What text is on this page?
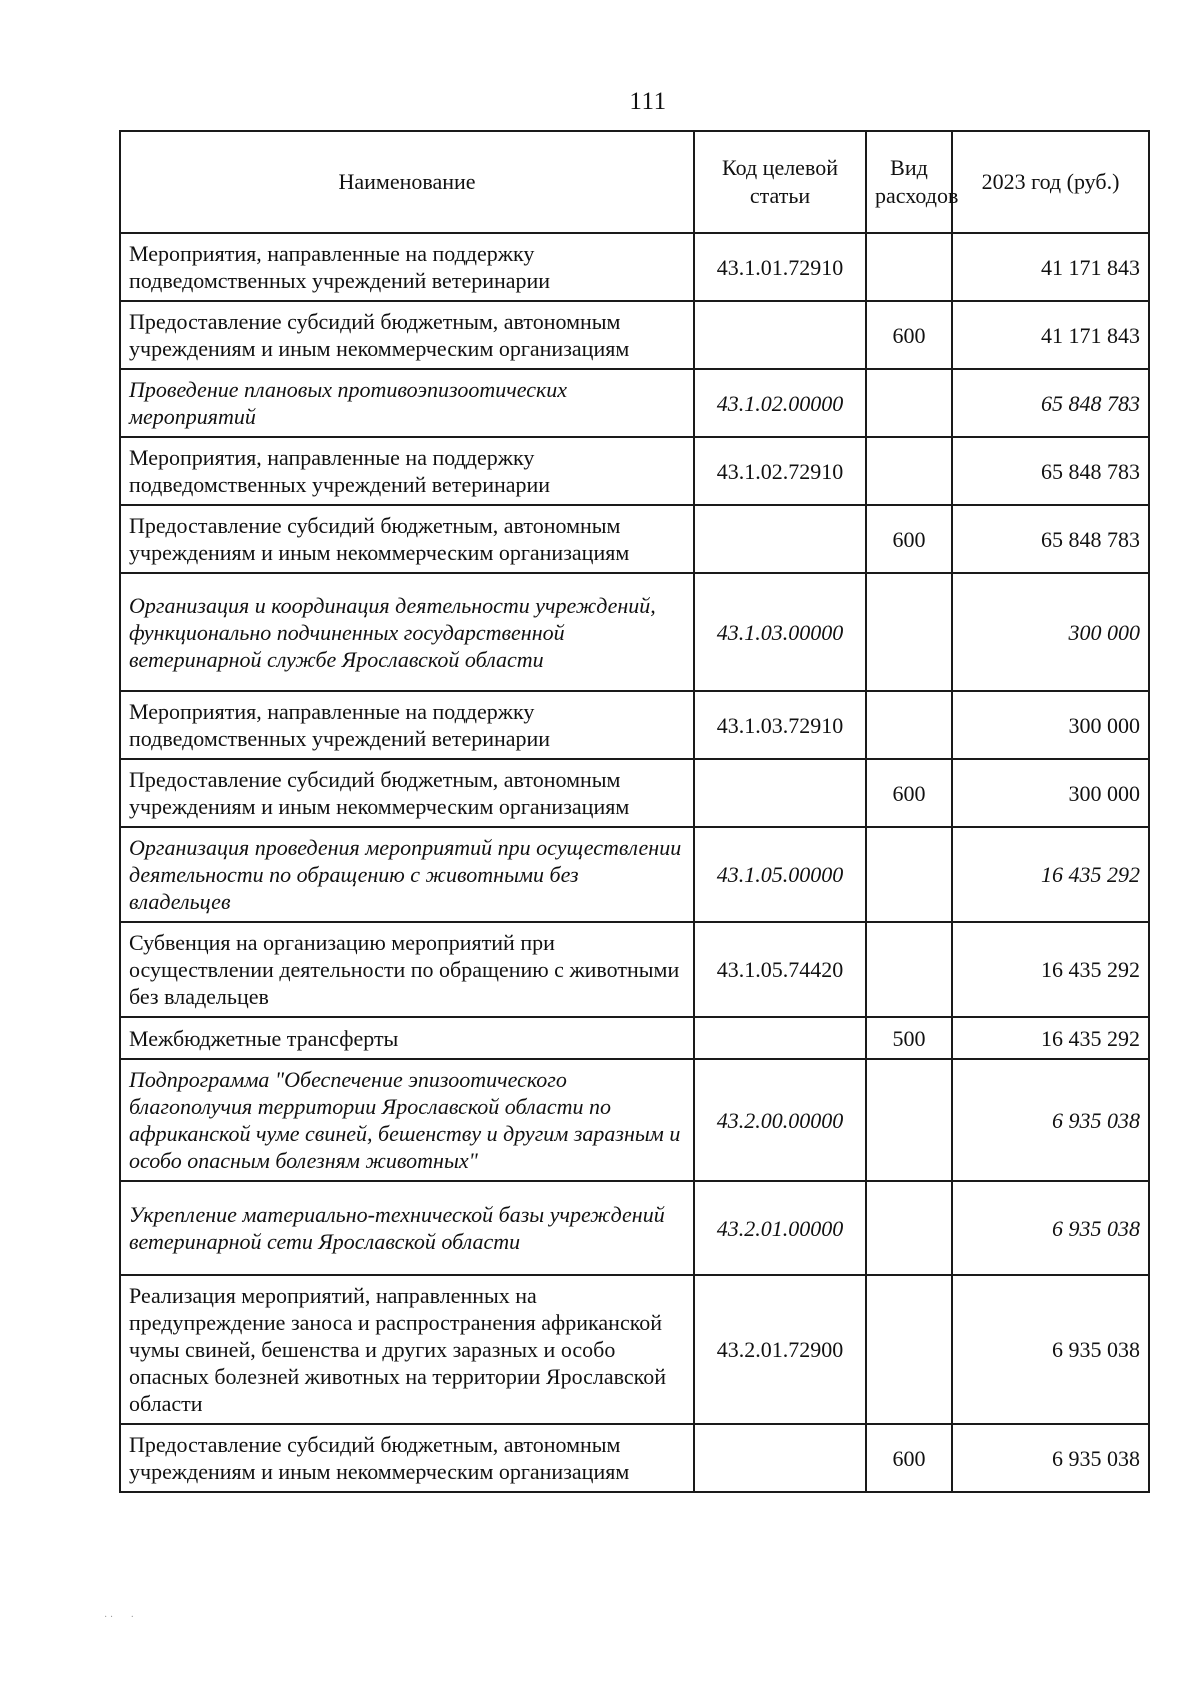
111
Наименование	Код целевой статьи	Вид расходов	2023 год (руб.)
Мероприятия, направленные на поддержку подведомственных учреждений ветеринарии	43.1.01.72910		41 171 843
Предоставление субсидий бюджетным, автономным учреждениям и иным некоммерческим организациям		600	41 171 843
Проведение плановых противоэпизоотических мероприятий	43.1.02.00000		65 848 783
Мероприятия, направленные на поддержку подведомственных учреждений ветеринарии	43.1.02.72910		65 848 783
Предоставление субсидий бюджетным, автономным учреждениям и иным некоммерческим организациям		600	65 848 783
Организация и координация деятельности учреждений, функционально подчиненных государственной ветеринарной службе Ярославской области	43.1.03.00000		300 000
Мероприятия, направленные на поддержку подведомственных учреждений ветеринарии	43.1.03.72910		300 000
Предоставление субсидий бюджетным, автономным учреждениям и иным некоммерческим организациям		600	300 000
Организация проведения мероприятий при осуществлении деятельности по обращению с животными без владельцев	43.1.05.00000		16 435 292
Субвенция на организацию мероприятий при осуществлении деятельности по обращению с животными без владельцев	43.1.05.74420		16 435 292
Межбюджетные трансферты		500	16 435 292
Подпрограмма "Обеспечение эпизоотического благополучия территории Ярославской области по африканской чуме свиней, бешенству и другим заразным и особо опасным болезням животных"	43.2.00.00000		6 935 038
Укрепление материально-технической базы учреждений ветеринарной сети Ярославской области	43.2.01.00000		6 935 038
Реализация мероприятий, направленных на предупреждение заноса и распространения африканской чумы свиней, бешенства и других заразных и особо опасных болезней животных на территории Ярославской области	43.2.01.72900		6 935 038
Предоставление субсидий бюджетным, автономным учреждениям и иным некоммерческим организациям		600	6 935 038
· ·       ·
